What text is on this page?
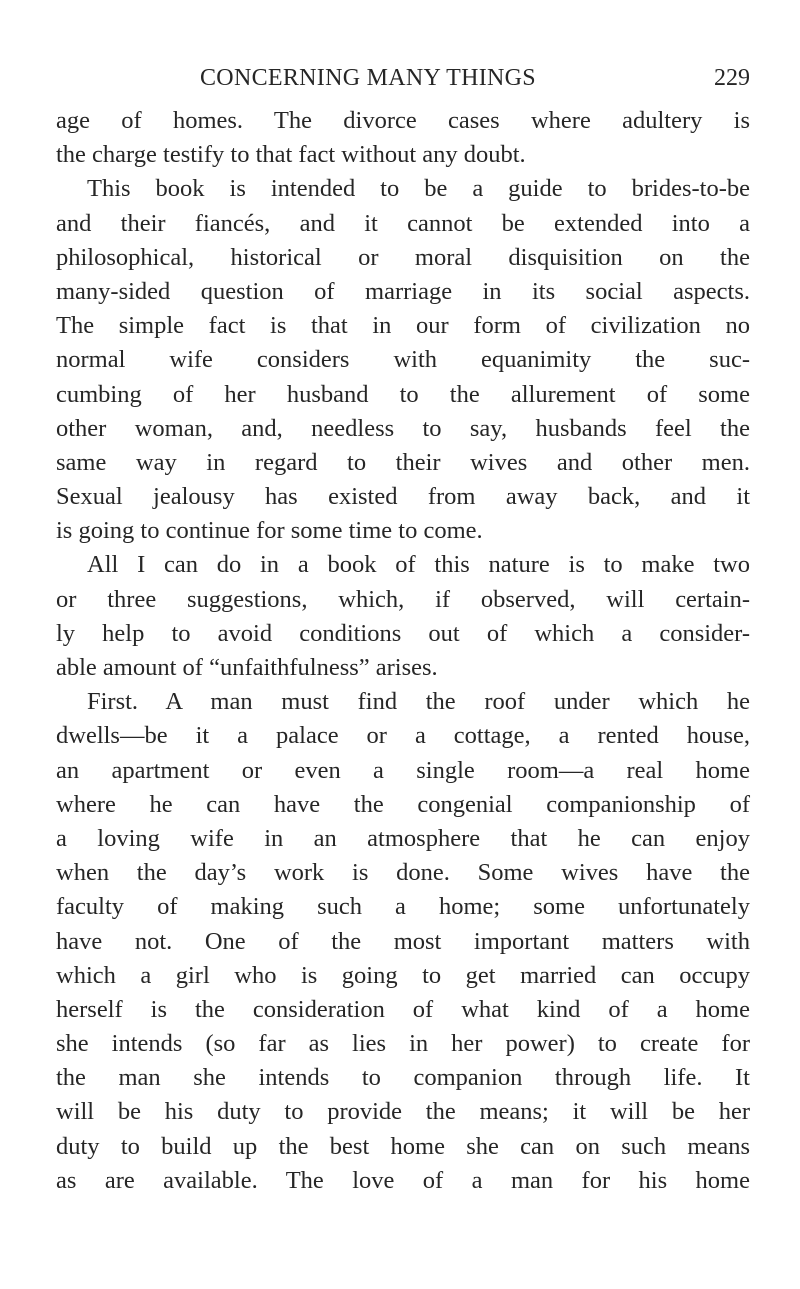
CONCERNING MANY THINGS	229
age of homes. The divorce cases where adultery is
the charge testify to that fact without any doubt.
This book is intended to be a guide to brides-to-be
and their fiancés, and it cannot be extended into a
philosophical, historical or moral disquisition on the
many-sided question of marriage in its social aspects.
The simple fact is that in our form of civilization no
normal wife considers with equanimity the suc-
cumbing of her husband to the allurement of some
other woman, and, needless to say, husbands feel the
same way in regard to their wives and other men.
Sexual jealousy has existed from away back, and it
is going to continue for some time to come.
All I can do in a book of this nature is to make two
or three suggestions, which, if observed, will certain-
ly help to avoid conditions out of which a consider-
able amount of “unfaithfulness” arises.
First. A man must find the roof under which he
dwells—be it a palace or a cottage, a rented house,
an apartment or even a single room—a real home
where he can have the congenial companionship of
a loving wife in an atmosphere that he can enjoy
when the day’s work is done. Some wives have the
faculty of making such a home; some unfortunately
have not. One of the most important matters with
which a girl who is going to get married can occupy
herself is the consideration of what kind of a home
she intends (so far as lies in her power) to create for
the man she intends to companion through life. It
will be his duty to provide the means; it will be her
duty to build up the best home she can on such means
as are available. The love of a man for his home
